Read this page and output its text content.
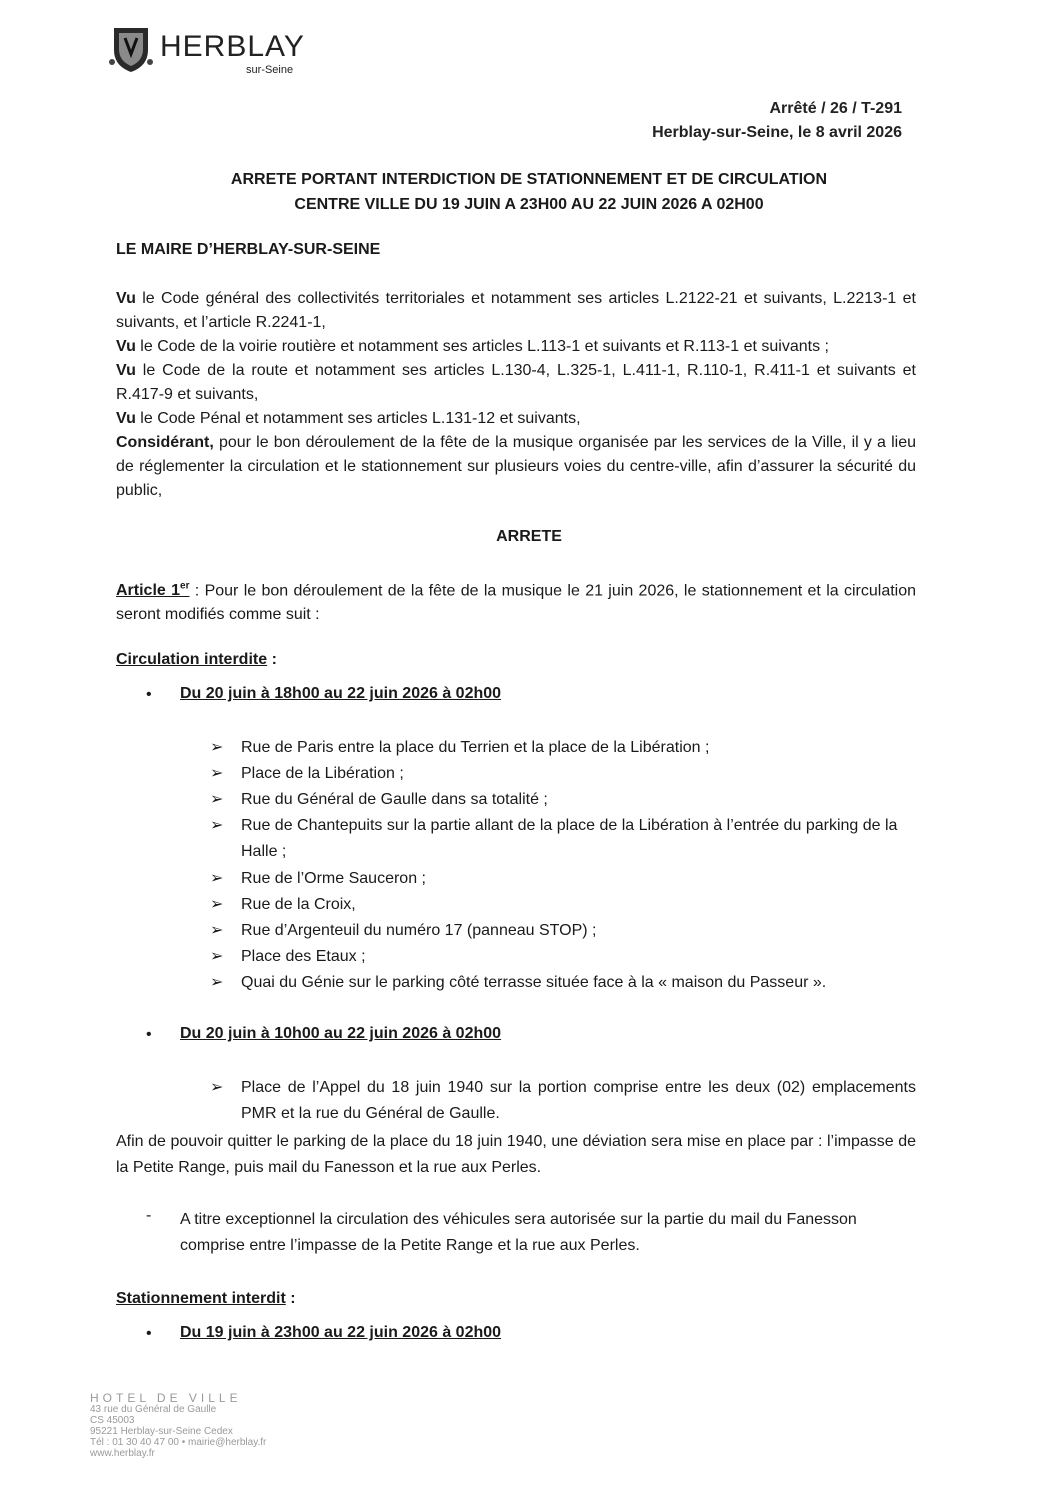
HERBLAY
sur-Seine
Arrêté / 26 / T-291
Herblay-sur-Seine, le 8 avril 2026
ARRETE PORTANT INTERDICTION DE STATIONNEMENT ET DE CIRCULATION
CENTRE VILLE DU 19 JUIN A 23H00 AU 22 JUIN 2026 A 02H00
LE MAIRE D’HERBLAY-SUR-SEINE
Vu le Code général des collectivités territoriales et notamment ses articles L.2122-21 et suivants, L.2213-1 et suivants, et l’article R.2241-1,
Vu le Code de la voirie routière et notamment ses articles L.113-1 et suivants et R.113-1 et suivants ;
Vu le Code de la route et notamment ses articles L.130-4, L.325-1, L.411-1, R.110-1, R.411-1 et suivants et R.417-9 et suivants,
Vu le Code Pénal et notamment ses articles L.131-12 et suivants,
Considérant, pour le bon déroulement de la fête de la musique organisée par les services de la Ville, il y a lieu de réglementer la circulation et le stationnement sur plusieurs voies du centre-ville, afin d’assurer la sécurité du public,
ARRETE
Article 1er : Pour le bon déroulement de la fête de la musique le 21 juin 2026, le stationnement et la circulation seront modifiés comme suit :
Circulation interdite :
• Du 20 juin à 18h00 au 22 juin 2026 à 02h00
➢	Rue de Paris entre la place du Terrien et la place de la Libération ;
➢	Place de la Libération ;
➢	Rue du Général de Gaulle dans sa totalité ;
➢	Rue de Chantepuits sur la partie allant de la place de la Libération à l’entrée du parking de la Halle ;
➢	Rue de l’Orme Sauceron ;
➢	Rue de la Croix,
➢	Rue d’Argenteuil du numéro 17 (panneau STOP) ;
➢	Place des Etaux ;
➢	Quai du Génie sur le parking côté terrasse située face à la « maison du Passeur ».
• Du 20 juin à 10h00 au 22 juin 2026 à 02h00
➢	Place de l’Appel du 18 juin 1940 sur la portion comprise entre les deux (02) emplacements PMR et la rue du Général de Gaulle.
Afin de pouvoir quitter le parking de la place du 18 juin 1940, une déviation sera mise en place par : l’impasse de la Petite Range, puis mail du Fanesson et la rue aux Perles.
- A titre exceptionnel la circulation des véhicules sera autorisée sur la partie du mail du Fanesson comprise entre l’impasse de la Petite Range et la rue aux Perles.
Stationnement interdit :
• Du 19 juin à 23h00 au 22 juin 2026 à 02h00
HOTEL DE VILLE
43 rue du Général de Gaulle
CS 45003
95221 Herblay-sur-Seine Cedex
Tél : 01 30 40 47 00 • mairie@herblay.fr
www.herblay.fr
